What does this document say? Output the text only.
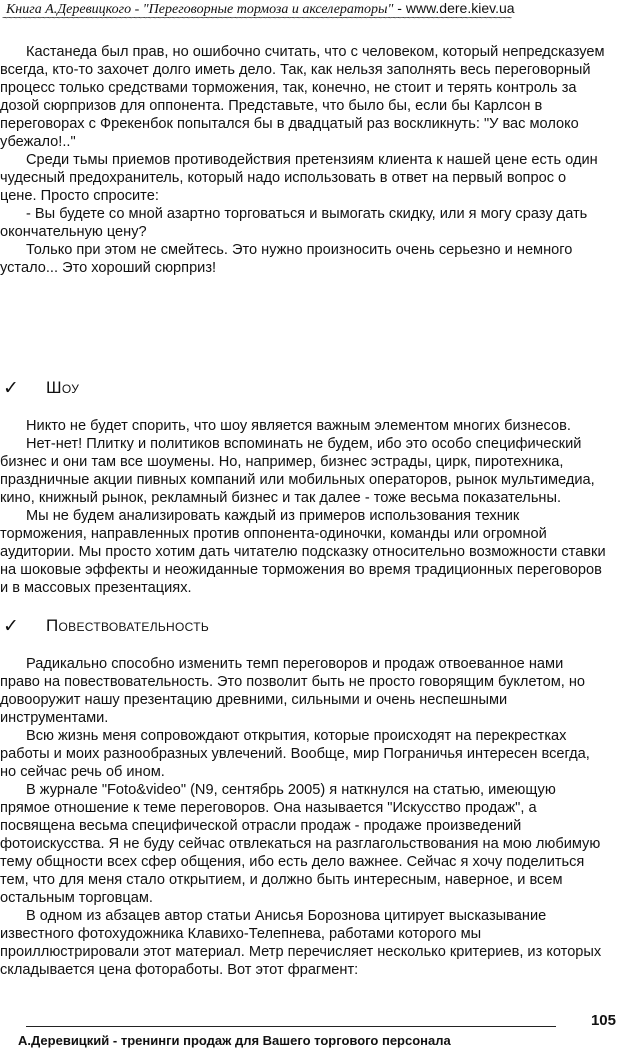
Книга А.Деревицкого - "Переговорные тормоза и акселераторы" - www.dere.kiev.ua
~~~~~~~~~~~~~~~~~~~~~~~~~~~~~~~~~~~~~~~~~~~~~~~~~~~~~~~~~~~~~~~~~~~~~~~~~~~~~~~~~~~~~~~~~~~~~~~~~~~~~~~~~~

Кастанеда был прав, но ошибочно считать, что с человеком, который непредсказуем всегда, кто-то захочет долго иметь дело. Так, как нельзя заполнять весь переговорный процесс только средствами торможения, так, конечно, не стоит и терять контроль за дозой сюрпризов для оппонента. Представьте, что было бы, если бы Карлсон в переговорах с Фрекенбок попытался бы в двадцатый раз воскликнуть: "У вас молоко убежало!.."

Среди тьмы приемов противодействия претензиям клиента к нашей цене есть один чудесный предохранитель, который надо использовать в ответ на первый вопрос о цене. Просто спросите:

- Вы будете со мной азартно торговаться и вымогать скидку, или я могу сразу дать окончательную цену?

Только при этом не смейтесь. Это нужно произносить очень серьезно и немного устало... Это хороший сюрприз!

✓	Шоу

Никто не будет спорить, что шоу является важным элементом многих бизнесов.

Нет-нет! Плитку и политиков вспоминать не будем, ибо это особо специфический бизнес и они там все шоумены. Но, например, бизнес эстрады, цирк, пиротехника, праздничные акции пивных компаний или мобильных операторов, рынок мультимедиа, кино, книжный рынок, рекламный бизнес и так далее - тоже весьма показательны.

Мы не будем анализировать каждый из примеров использования техник торможения, направленных против оппонента-одиночки, команды или огромной аудитории. Мы просто хотим дать читателю подсказку относительно возможности ставки на шоковые эффекты и неожиданные торможения во время традиционных переговоров и в массовых презентациях.

✓	Повествовательность

Радикально способно изменить темп переговоров и продаж отвоеванное нами право на повествовательность. Это позволит быть не просто говорящим буклетом, но довооружит нашу презентацию древними, сильными и очень неспешными инструментами.

Всю жизнь меня сопровождают открытия, которые происходят на перекрестках работы и моих разнообразных увлечений. Вообще, мир Пограничья интересен всегда, но сейчас речь об ином.

В журнале "Foto&video" (N9, сентябрь 2005) я наткнулся на статью, имеющую прямое отношение к теме переговоров. Она называется "Искусство продаж", а посвящена весьма специфической отрасли продаж - продаже произведений фотоискусства. Я не буду сейчас отвлекаться на разглагольствования на мою любимую тему общности всех сфер общения, ибо есть дело важнее. Сейчас я хочу поделиться тем, что для меня стало открытием, и должно быть интересным, наверное, и всем остальным торговцам.

В одном из абзацев автор статьи Анисья Борознова цитирует высказывание известного фотохудожника Клавихо-Телепнева, работами которого мы проиллюстрировали этот материал. Метр перечисляет несколько критериев, из которых складывается цена фотоработы. Вот этот фрагмент:

105
А.Деревицкий - тренинги продаж для Вашего торгового персонала
